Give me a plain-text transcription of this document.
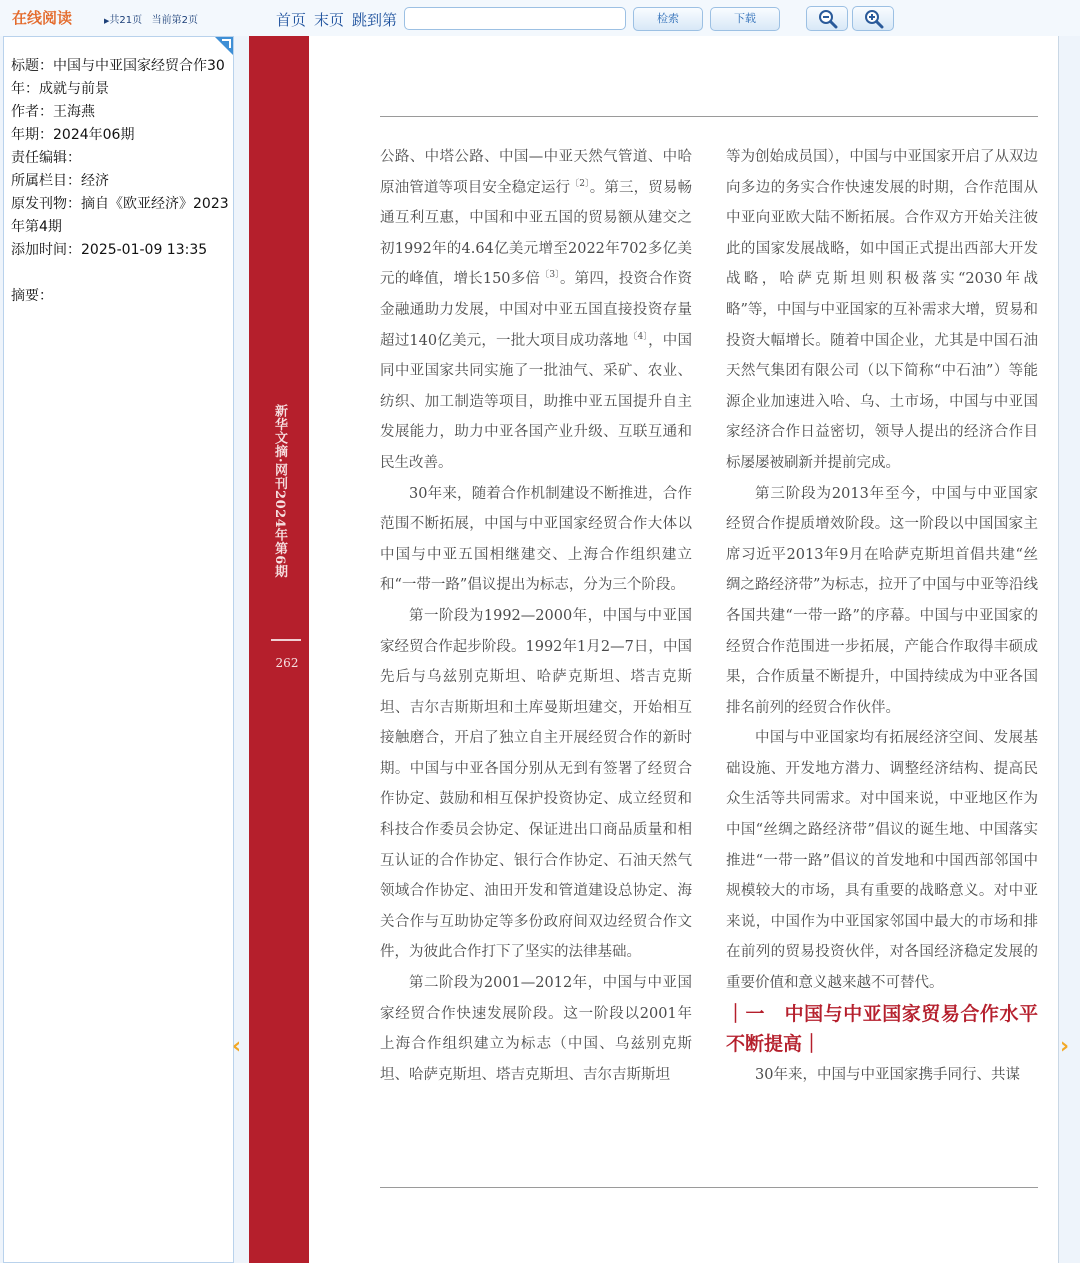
在线阅读	▶共21页 当前第2页	首页 末页 跳到第	检索	下载
标题：中国与中亚国家经贸合作30年：成就与前景
作者：王海燕
年期：2024年06期
责任编辑：
所属栏目：经济
原发刊物：摘自《欧亚经济》2023年第4期
添加时间：2025-01-09 13:35
摘要：
‹	›
新华文摘·网刊2024年第6期
262

公路、中塔公路、中国—中亚天然气管道、中哈原油管道等项目安全稳定运行$^{〔2〕}$。第三，贸易畅通互利互惠，中国和中亚五国的贸易额从建交之初1992年的4.64亿美元增至2022年702多亿美元的峰值，增长150多倍$^{〔3〕}$。第四，投资合作资金融通助力发展，中国对中亚五国直接投资存量超过140亿美元，一批大项目成功落地$^{〔4〕}$，中国同中亚国家共同实施了一批油气、采矿、农业、纺织、加工制造等项目，助推中亚五国提升自主发展能力，助力中亚各国产业升级、互联互通和民生改善。

30年来，随着合作机制建设不断推进，合作范围不断拓展，中国与中亚国家经贸合作大体以中国与中亚五国相继建交、上海合作组织建立和“一带一路”倡议提出为标志，分为三个阶段。

第一阶段为1992—2000年，中国与中亚国家经贸合作起步阶段。1992年1月2—7日，中国先后与乌兹别克斯坦、哈萨克斯坦、塔吉克斯坦、吉尔吉斯斯坦和土库曼斯坦建交，开始相互接触磨合，开启了独立自主开展经贸合作的新时期。中国与中亚各国分别从无到有签署了经贸合作协定、鼓励和相互保护投资协定、成立经贸和科技合作委员会协定、保证进出口商品质量和相互认证的合作协定、银行合作协定、石油天然气领域合作协定、油田开发和管道建设总协定、海关合作与互助协定等多份政府间双边经贸合作文件，为彼此合作打下了坚实的法律基础。

第二阶段为2001—2012年，中国与中亚国家经贸合作快速发展阶段。这一阶段以2001年上海合作组织建立为标志（中国、乌兹别克斯坦、哈萨克斯坦、塔吉克斯坦、吉尔吉斯斯坦

等为创始成员国），中国与中亚国家开启了从双边向多边的务实合作快速发展的时期，合作范围从中亚向亚欧大陆不断拓展。合作双方开始关注彼此的国家发展战略，如中国正式提出西部大开发战略，哈萨克斯坦则积极落实“2030年战略”等，中国与中亚国家的互补需求大增，贸易和投资大幅增长。随着中国企业，尤其是中国石油天然气集团有限公司（以下简称“中石油”）等能源企业加速进入哈、乌、土市场，中国与中亚国家经济合作日益密切，领导人提出的经济合作目标屡屡被刷新并提前完成。

第三阶段为2013年至今，中国与中亚国家经贸合作提质增效阶段。这一阶段以中国国家主席习近平2013年9月在哈萨克斯坦首倡共建“丝绸之路经济带”为标志，拉开了中国与中亚等沿线各国共建“一带一路”的序幕。中国与中亚国家的经贸合作范围进一步拓展，产能合作取得丰硕成果，合作质量不断提升，中国持续成为中亚各国排名前列的经贸合作伙伴。

中国与中亚国家均有拓展经济空间、发展基础设施、开发地方潜力、调整经济结构、提高民众生活等共同需求。对中国来说，中亚地区作为中国“丝绸之路经济带”倡议的诞生地、中国落实推进“一带一路”倡议的首发地和中国西部邻国中规模较大的市场，具有重要的战略意义。对中亚来说，中国作为中亚国家邻国中最大的市场和排在前列的贸易投资伙伴，对各国经济稳定发展的重要价值和意义越来越不可替代。

｜一　中国与中亚国家贸易合作水平不断提高｜

30年来，中国与中亚国家携手同行、共谋
